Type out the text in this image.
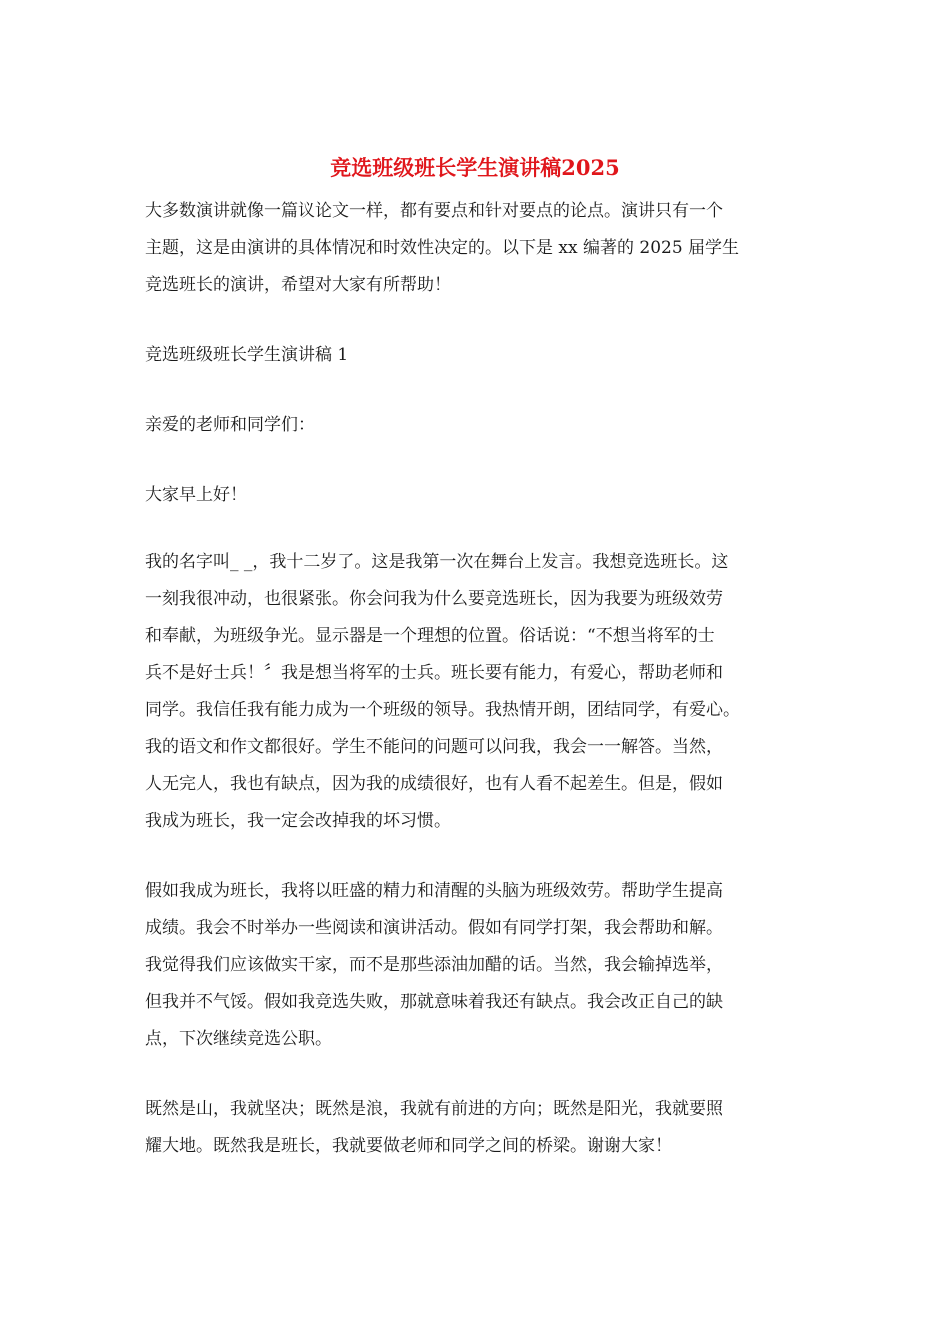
竞选班级班长学生演讲稿2025

大多数演讲就像一篇议论文一样，都有要点和针对要点的论点。演讲只有一个

主题，这是由演讲的具体情况和时效性决定的。以下是 xx 编著的 2025 届学生

竞选班长的演讲，希望对大家有所帮助！

竞选班级班长学生演讲稿 1

亲爱的老师和同学们：

大家早上好！

我的名字叫_ _，我十二岁了。这是我第一次在舞台上发言。我想竞选班长。这

一刻我很冲动，也很紧张。你会问我为什么要竞选班长，因为我要为班级效劳

和奉献，为班级争光。显示器是一个理想的位置。俗话说：“不想当将军的士

兵不是好士兵！〞我是想当将军的士兵。班长要有能力，有爱心，帮助老师和

同学。我信任我有能力成为一个班级的领导。我热情开朗，团结同学，有爱心。

我的语文和作文都很好。学生不能问的问题可以问我，我会一一解答。当然，

人无完人，我也有缺点，因为我的成绩很好，也有人看不起差生。但是，假如

我成为班长，我一定会改掉我的坏习惯。

假如我成为班长，我将以旺盛的精力和清醒的头脑为班级效劳。帮助学生提高

成绩。我会不时举办一些阅读和演讲活动。假如有同学打架，我会帮助和解。

我觉得我们应该做实干家，而不是那些添油加醋的话。当然，我会输掉选举，

但我并不气馁。假如我竞选失败，那就意味着我还有缺点。我会改正自己的缺

点，下次继续竞选公职。

既然是山，我就坚决；既然是浪，我就有前进的方向；既然是阳光，我就要照

耀大地。既然我是班长，我就要做老师和同学之间的桥梁。谢谢大家！
